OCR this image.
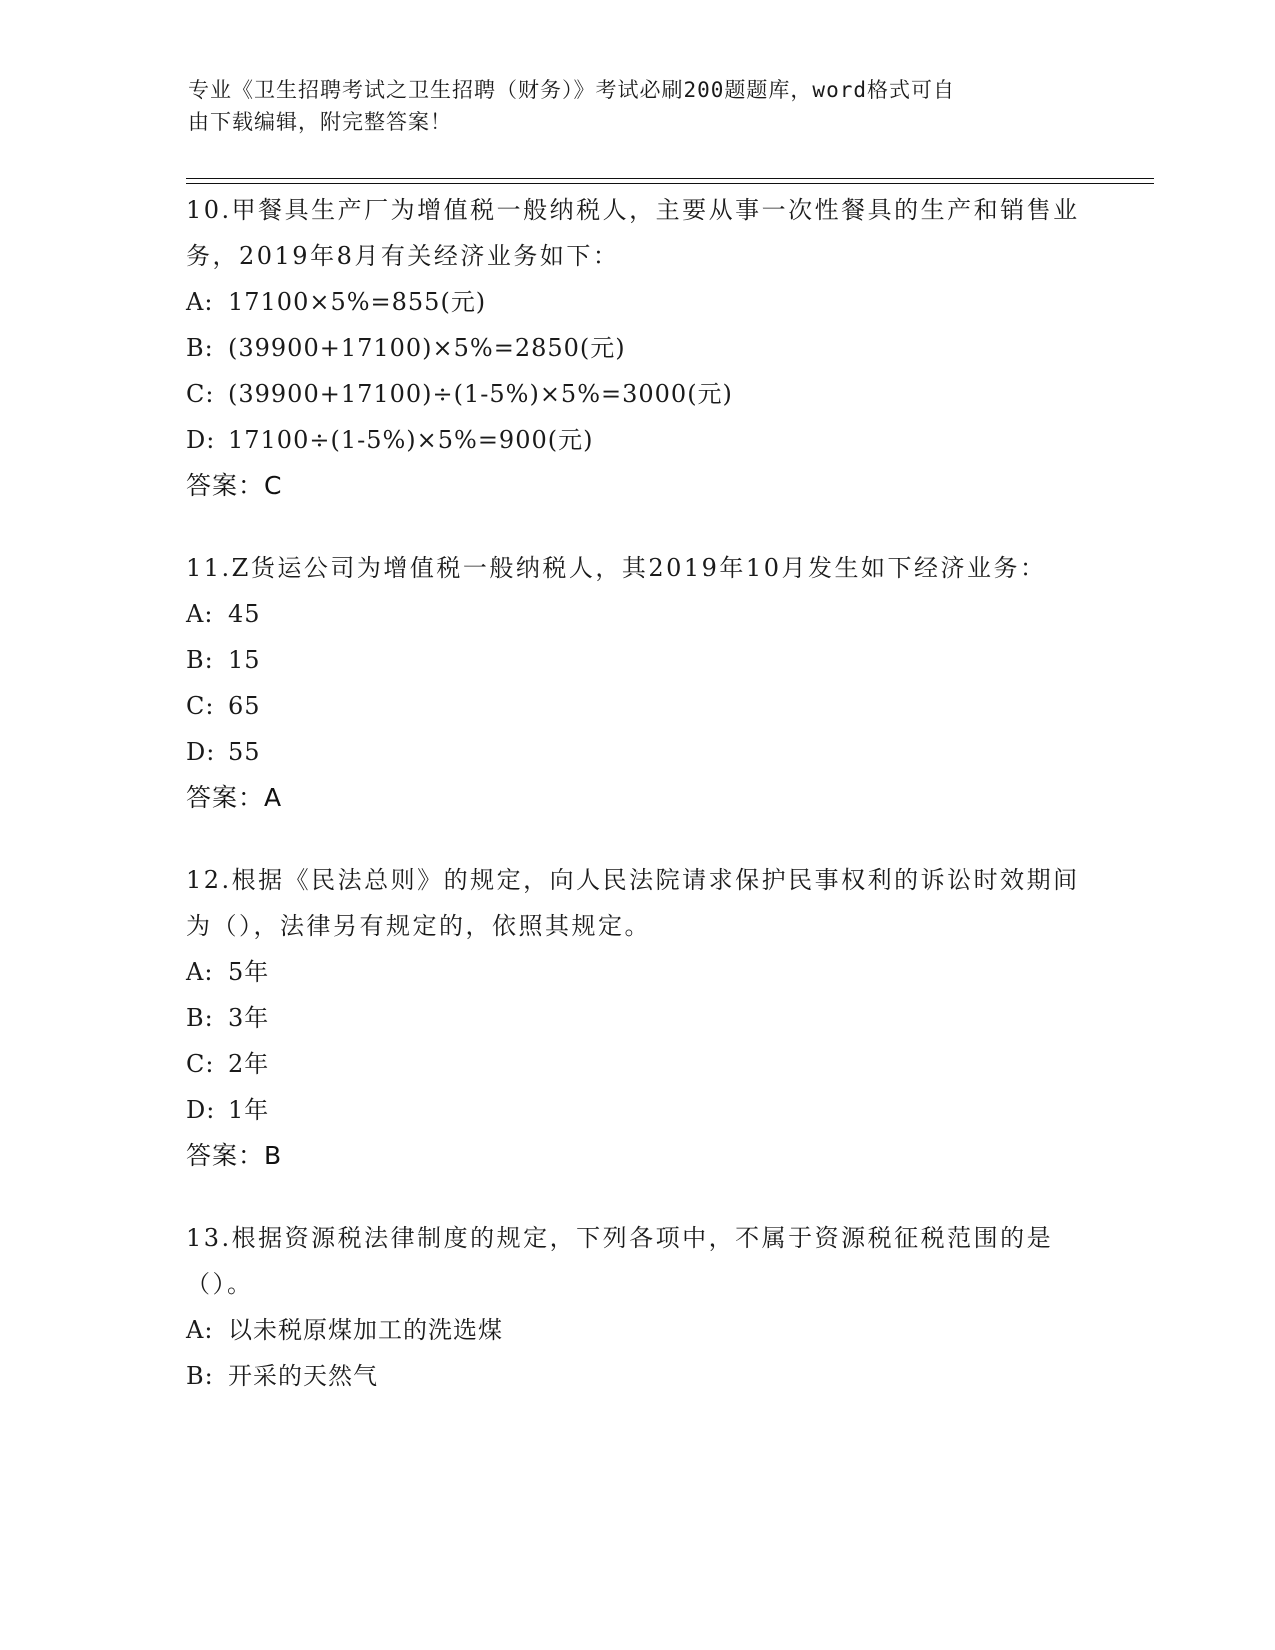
专业《卫生招聘考试之卫生招聘（财务）》考试必刷200题题库，word格式可自
由下载编辑，附完整答案！
10.甲餐具生产厂为增值税一般纳税人，主要从事一次性餐具的生产和销售业务，2019年8月有关经济业务如下：
A: 17100×5%=855(元)
B: (39900+17100)×5%=2850(元)
C: (39900+17100)÷(1-5%)×5%=3000(元)
D: 17100÷(1-5%)×5%=900(元)
答案：C
11.Z货运公司为增值税一般纳税人，其2019年10月发生如下经济业务：
A: 45
B: 15
C: 65
D: 55
答案：A
12.根据《民法总则》的规定，向人民法院请求保护民事权利的诉讼时效期间为（），法律另有规定的，依照其规定。
A: 5年
B: 3年
C: 2年
D: 1年
答案：B
13.根据资源税法律制度的规定，下列各项中，不属于资源税征税范围的是（）。
A: 以未税原煤加工的洗选煤
B: 开采的天然气
